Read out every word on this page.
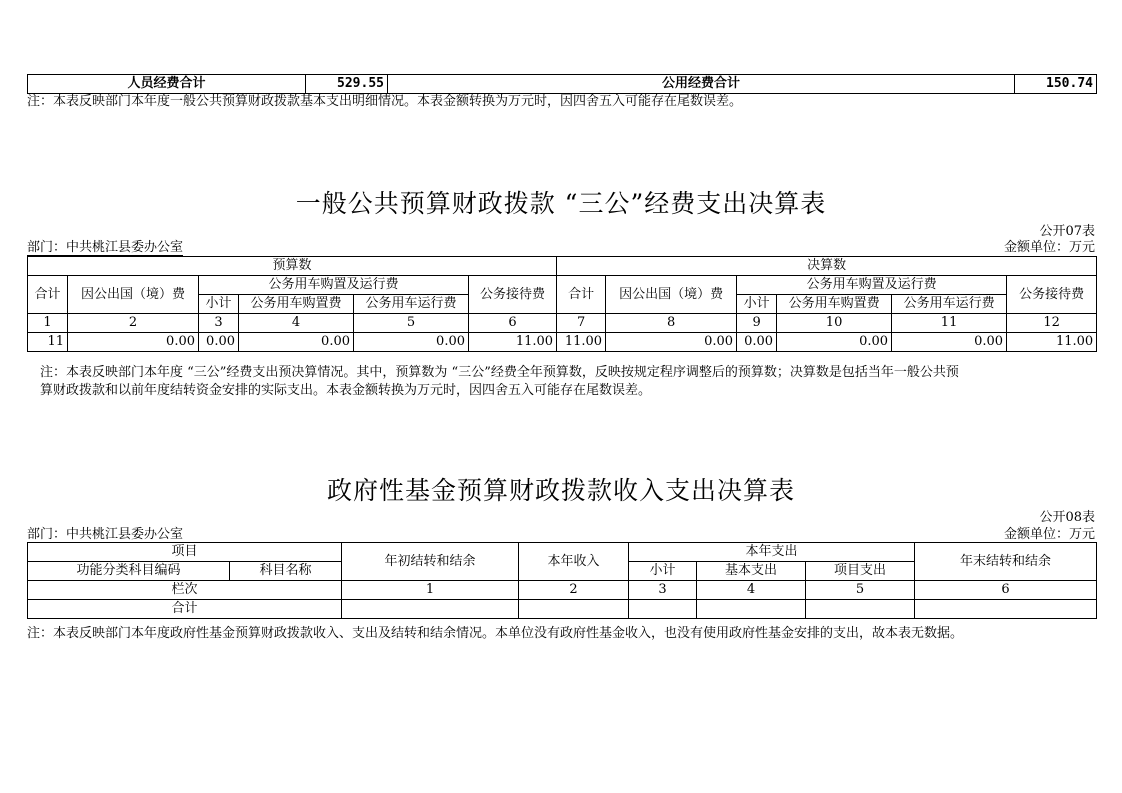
人员经费合计	529.55	公用经费合计	150.74
注：本表反映部门本年度一般公共预算财政拨款基本支出明细情况。本表金额转换为万元时，因四舍五入可能存在尾数误差。
一般公共预算财政拨款 “三公”经费支出决算表
公开07表
部门：中共桃江县委办公室	金额单位：万元
预算数						决算数					
合计	因公出国（境）费	公务用车购置及运行费			公务接待费	合计	因公出国（境）费	公务用车购置及运行费			公务接待费
		小计	公务用车购置费	公务用车运行费				小计	公务用车购置费	公务用车运行费	
1	2	3	4	5	6	7	8	9	10	11	12
11	0.00	0.00	0.00	0.00	11.00	11.00	0.00	0.00	0.00	0.00	11.00
注：本表反映部门本年度 “三公”经费支出预决算情况。其中，预算数为 “三公”经费全年预算数，反映按规定程序调整后的预算数；决算数是包括当年一般公共预
算财政拨款和以前年度结转资金安排的实际支出。本表金额转换为万元时，因四舍五入可能存在尾数误差。
政府性基金预算财政拨款收入支出决算表
公开08表
部门：中共桃江县委办公室	金额单位：万元
项目		年初结转和结余	本年收入	本年支出			年末结转和结余
功能分类科目编码	科目名称			小计	基本支出	项目支出	
栏次		1	2	3	4	5	6
合计							
注：本表反映部门本年度政府性基金预算财政拨款收入、支出及结转和结余情况。本单位没有政府性基金收入，也没有使用政府性基金安排的支出，故本表无数据。
